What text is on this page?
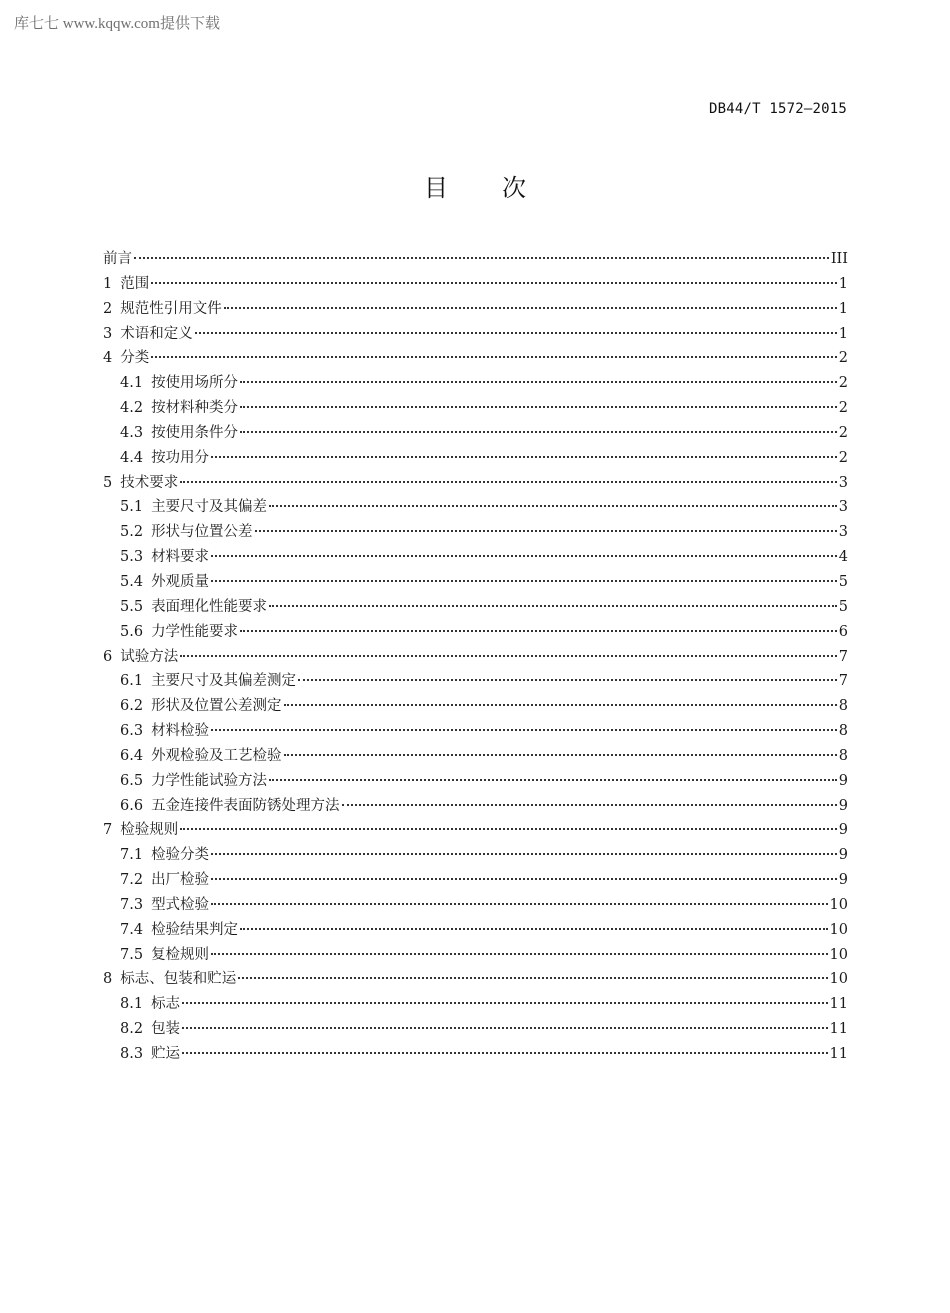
库七七 www.kqqw.com提供下载
DB44/T 1572—2015
目 次
前言	III
1 范围	1
2 规范性引用文件	1
3 术语和定义	1
4 分类	2
4.1 按使用场所分	2
4.2 按材料种类分	2
4.3 按使用条件分	2
4.4 按功用分	2
5 技术要求	3
5.1 主要尺寸及其偏差	3
5.2 形状与位置公差	3
5.3 材料要求	4
5.4 外观质量	5
5.5 表面理化性能要求	5
5.6 力学性能要求	6
6 试验方法	7
6.1 主要尺寸及其偏差测定	7
6.2 形状及位置公差测定	8
6.3 材料检验	8
6.4 外观检验及工艺检验	8
6.5 力学性能试验方法	9
6.6 五金连接件表面防锈处理方法	9
7 检验规则	9
7.1 检验分类	9
7.2 出厂检验	9
7.3 型式检验	10
7.4 检验结果判定	10
7.5 复检规则	10
8 标志、包装和贮运	10
8.1 标志	11
8.2 包装	11
8.3 贮运	11
